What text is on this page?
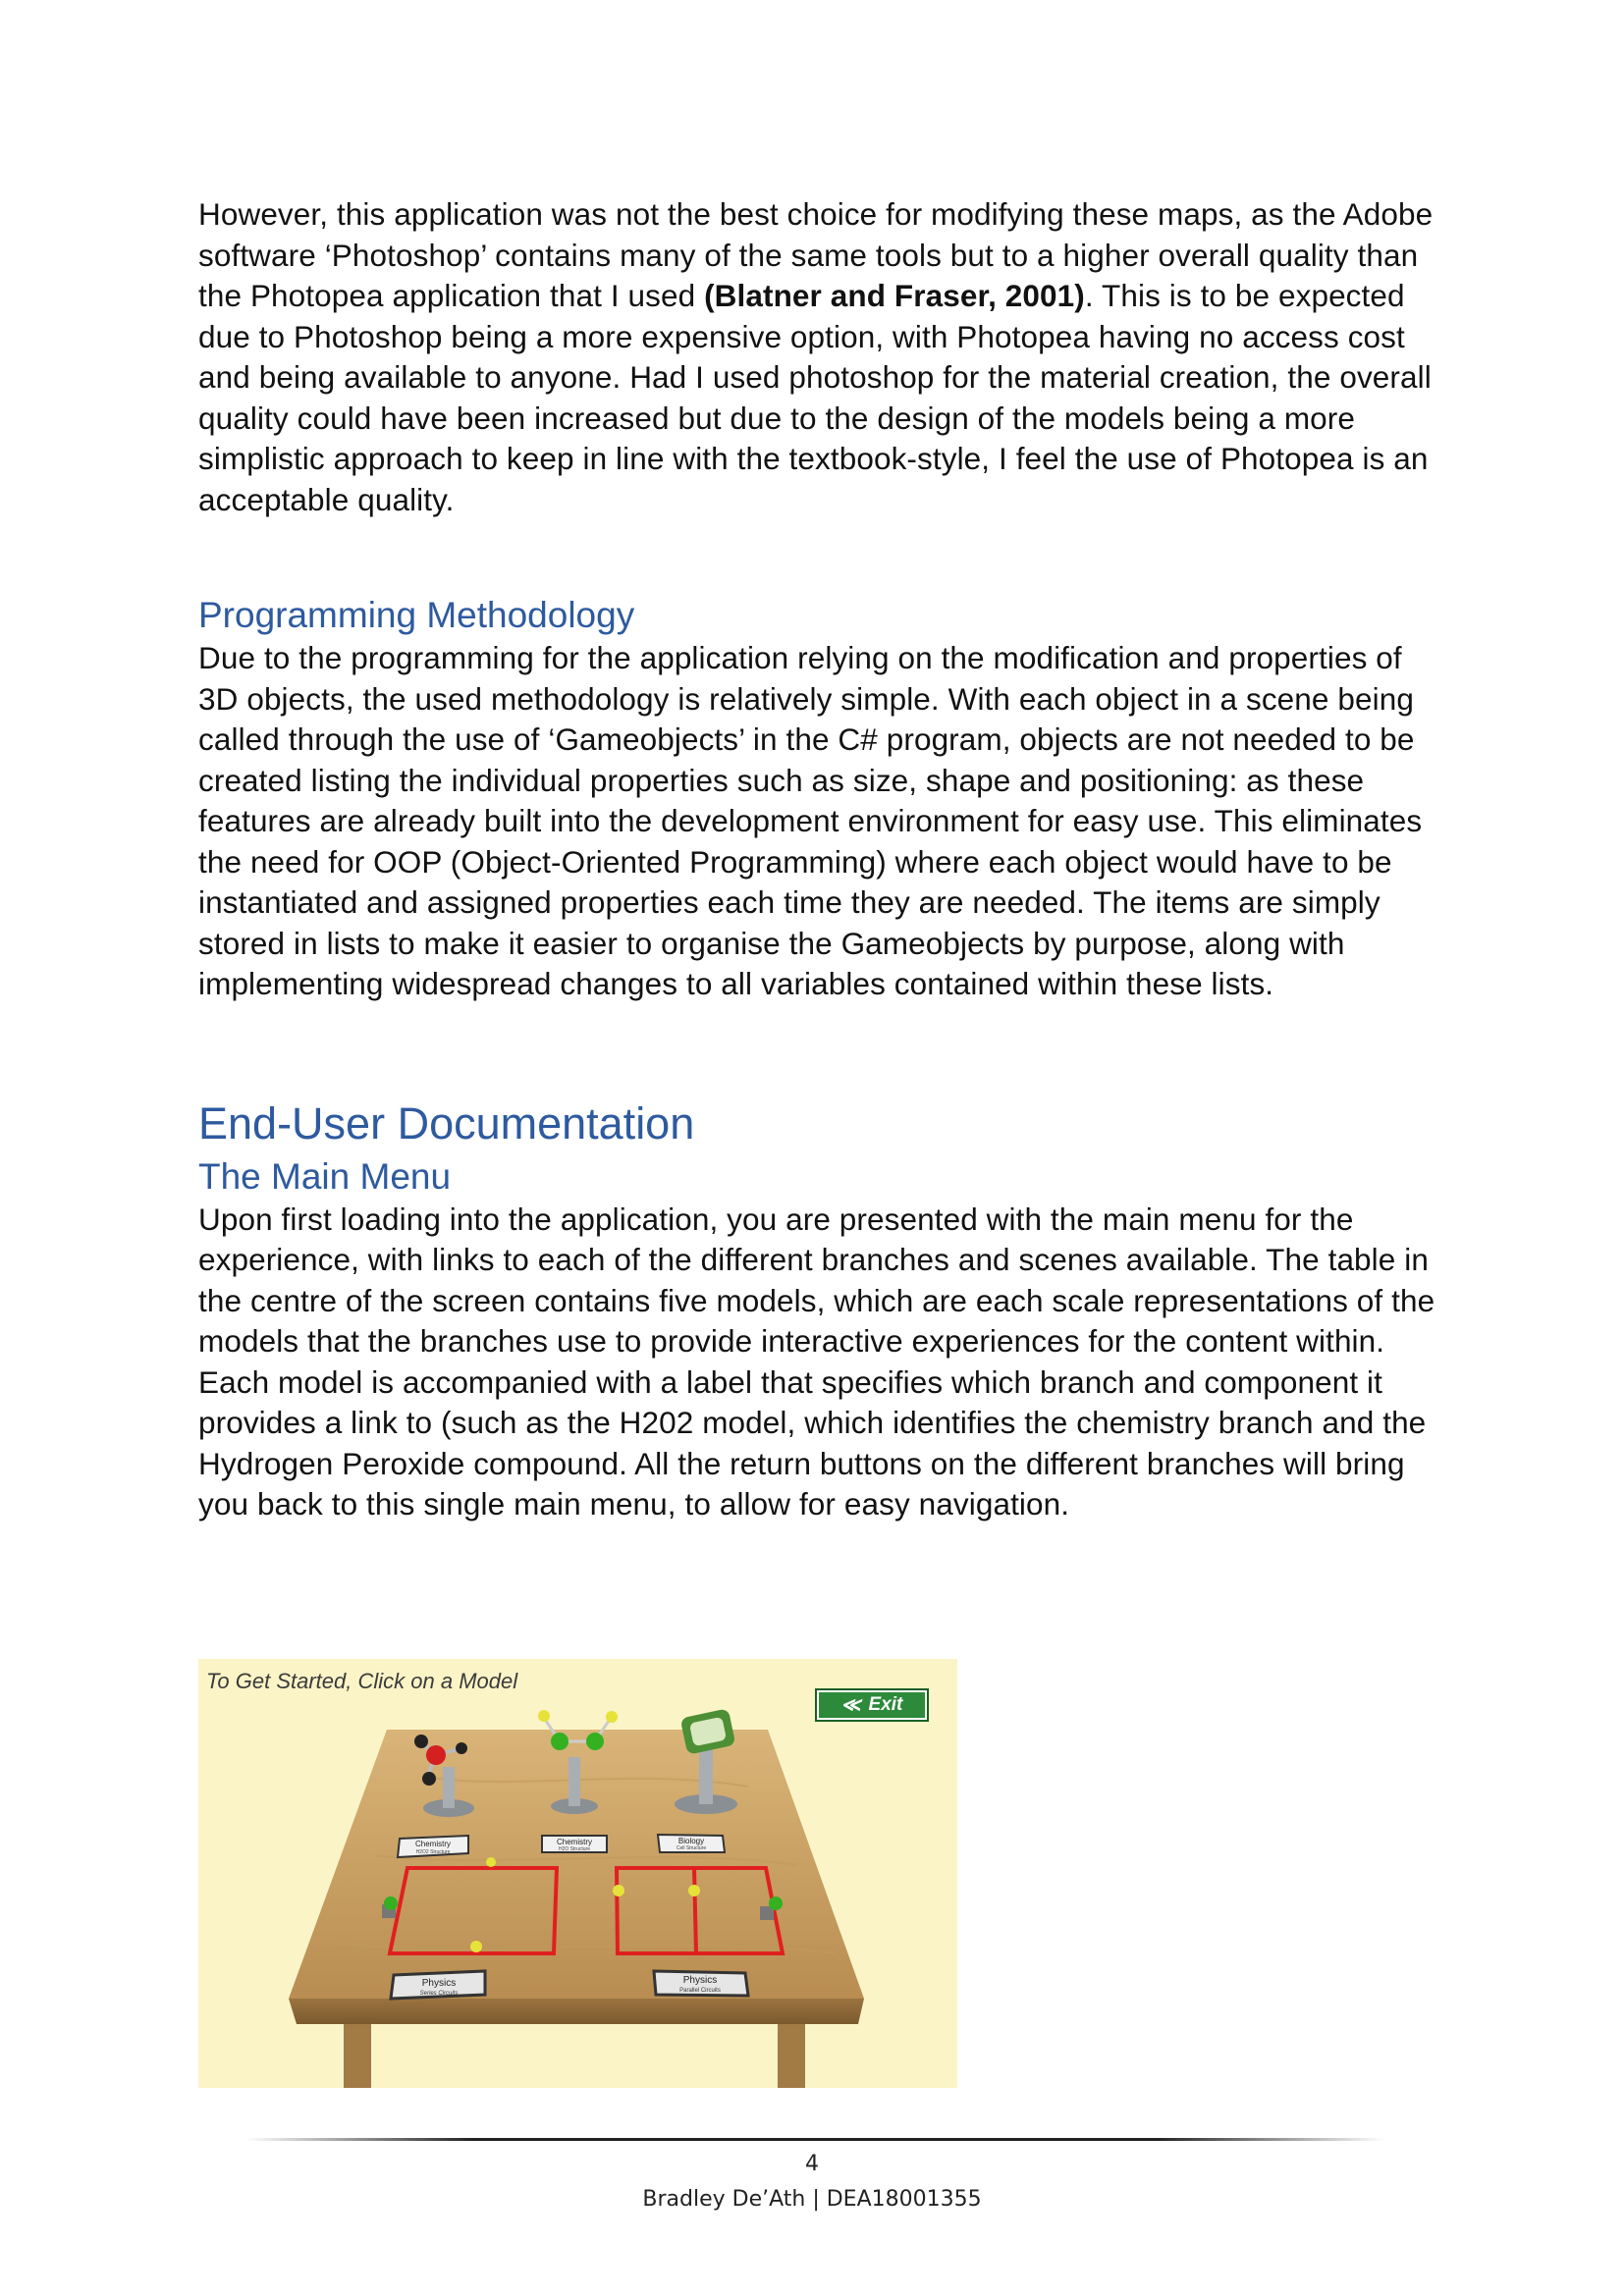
However, this application was not the best choice for modifying these maps, as the Adobe software ‘Photoshop’ contains many of the same tools but to a higher overall quality than the Photopea application that I used (Blatner and Fraser, 2001). This is to be expected due to Photoshop being a more expensive option, with Photopea having no access cost and being available to anyone. Had I used photoshop for the material creation, the overall quality could have been increased but due to the design of the models being a more simplistic approach to keep in line with the textbook-style, I feel the use of Photopea is an acceptable quality.

Programming Methodology

Due to the programming for the application relying on the modification and properties of 3D objects, the used methodology is relatively simple. With each object in a scene being called through the use of ‘Gameobjects’ in the C# program, objects are not needed to be created listing the individual properties such as size, shape and positioning: as these features are already built into the development environment for easy use. This eliminates the need for OOP (Object-Oriented Programming) where each object would have to be instantiated and assigned properties each time they are needed. The items are simply stored in lists to make it easier to organise the Gameobjects by purpose, along with implementing widespread changes to all variables contained within these lists.

End-User Documentation
The Main Menu

Upon first loading into the application, you are presented with the main menu for the experience, with links to each of the different branches and scenes available. The table in the centre of the screen contains five models, which are each scale representations of the models that the branches use to provide interactive experiences for the content within. Each model is accompanied with a label that specifies which branch and component it provides a link to (such as the H202 model, which identifies the chemistry branch and the Hydrogen Peroxide compound. All the return buttons on the different branches will bring you back to this single main menu, to allow for easy navigation.

Chemistry
H2O2 Structure
Chemistry
H2O Structure
Biology
Cell Structure
Physics
Series Circuits
Physics
Parallel Circuits
To Get Started, Click on a Model
≪ Exit
4
Bradley De’Ath | DEA18001355
